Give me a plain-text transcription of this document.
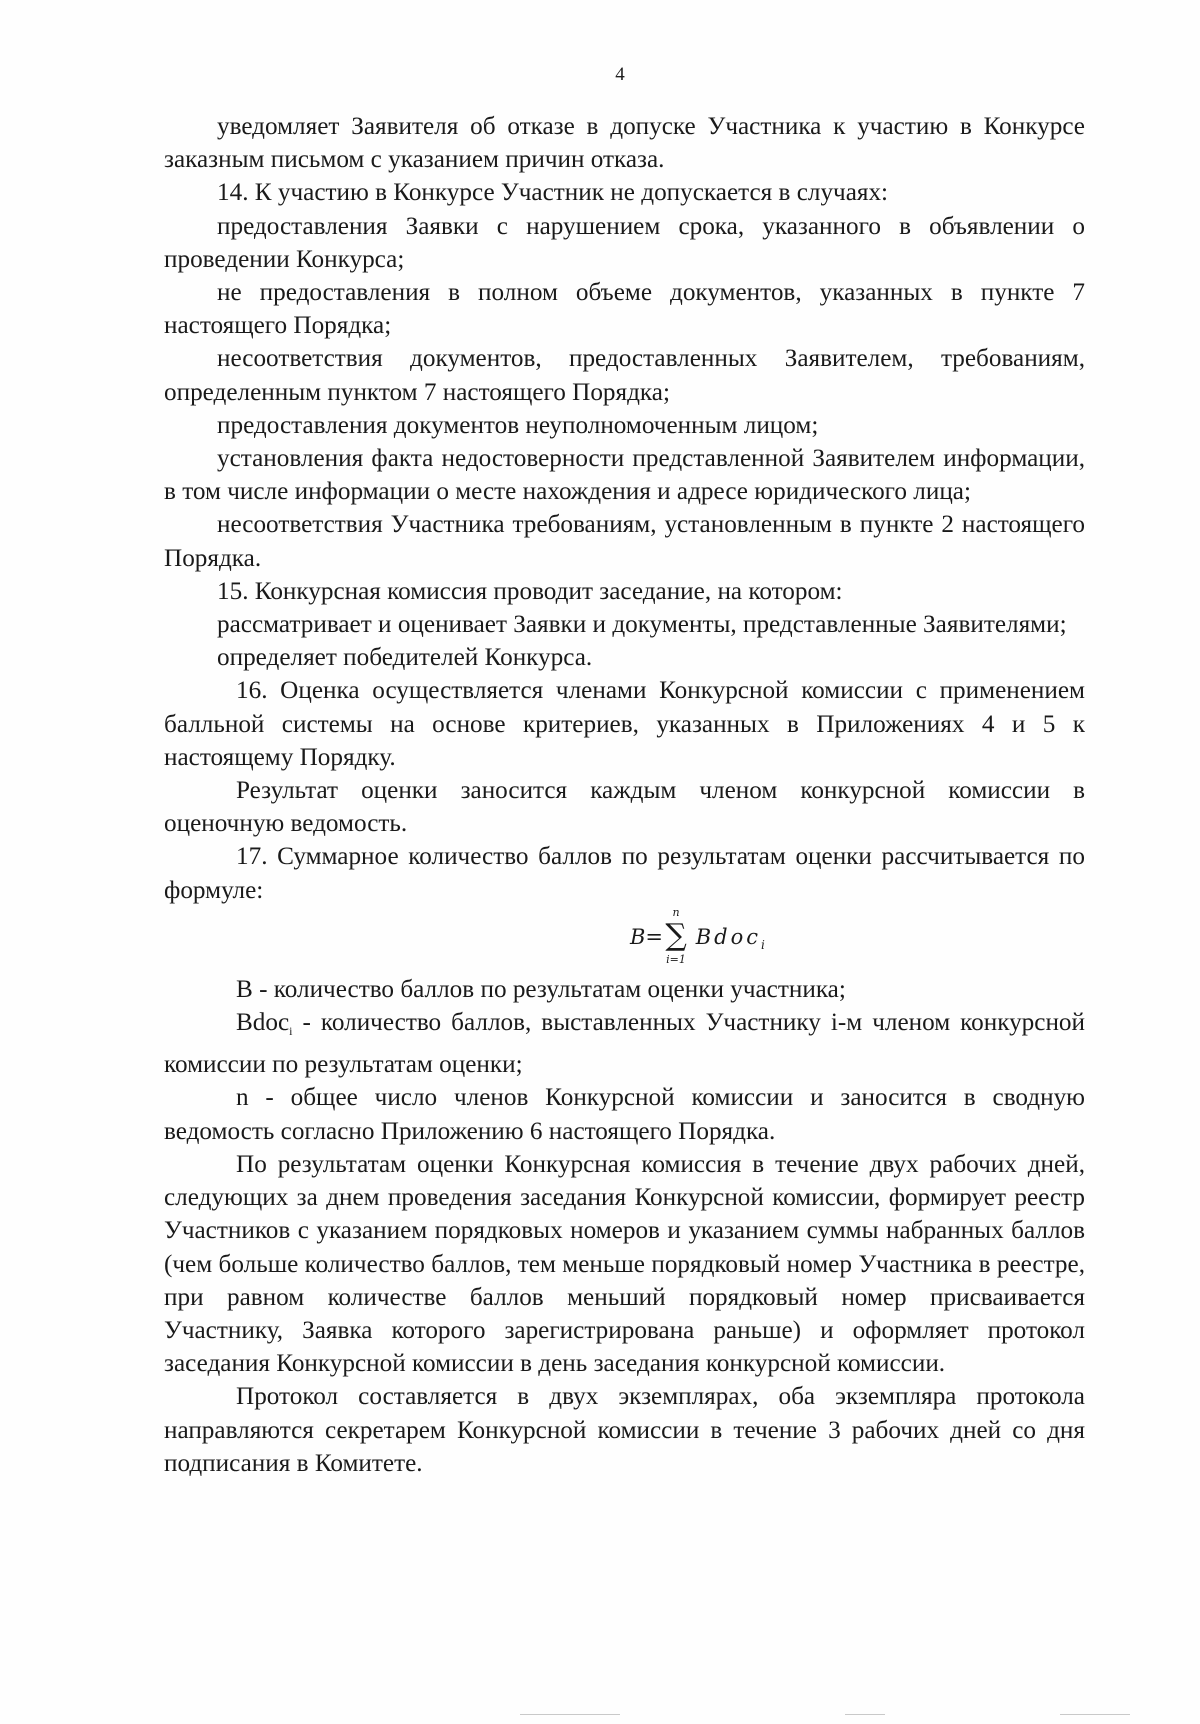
4

уведомляет Заявителя об отказе в допуске Участника к участию в Конкурсе заказным письмом с указанием причин отказа.

14. К участию в Конкурсе Участник не допускается в случаях:

предоставления Заявки с нарушением срока, указанного в объявлении о проведении Конкурса;

не предоставления в полном объеме документов, указанных в пункте 7 настоящего Порядка;

несоответствия документов, предоставленных Заявителем, требованиям, определенным пунктом 7 настоящего Порядка;

предоставления документов неуполномоченным лицом;

установления факта недостоверности представленной Заявителем информации, в том числе информации о месте нахождения и адресе юридического лица;

несоответствия Участника требованиям, установленным в пункте 2 настоящего Порядка.

15. Конкурсная комиссия проводит заседание, на котором:

рассматривает и оценивает Заявки и документы, представленные Заявителями;

определяет победителей Конкурса.

16. Оценка осуществляется членами Конкурсной комиссии с применением балльной системы на основе критериев, указанных в Приложениях 4 и 5 к настоящему Порядку.

Результат оценки заносится каждым членом конкурсной комиссии в оценочную ведомость.

17. Суммарное количество баллов по результатам оценки рассчитывается по формуле:

B=
n
∑
i=1
Bdoc$_i$

B - количество баллов по результатам оценки участника;

Bdoci - количество баллов, выставленных Участнику i-м членом конкурсной комиссии по результатам оценки;

n - общее число членов Конкурсной комиссии и заносится в сводную ведомость согласно Приложению 6 настоящего Порядка.

По результатам оценки Конкурсная комиссия в течение двух рабочих дней, следующих за днем проведения заседания Конкурсной комиссии, формирует реестр Участников с указанием порядковых номеров и указанием суммы набранных баллов (чем больше количество баллов, тем меньше порядковый номер Участника в реестре, при равном количестве баллов меньший порядковый номер присваивается Участнику, Заявка которого зарегистрирована раньше) и оформляет протокол заседания Конкурсной комиссии в день заседания конкурсной комиссии.

Протокол составляется в двух экземплярах, оба экземпляра протокола направляются секретарем Конкурсной комиссии в течение 3 рабочих дней со дня подписания в Комитете.
